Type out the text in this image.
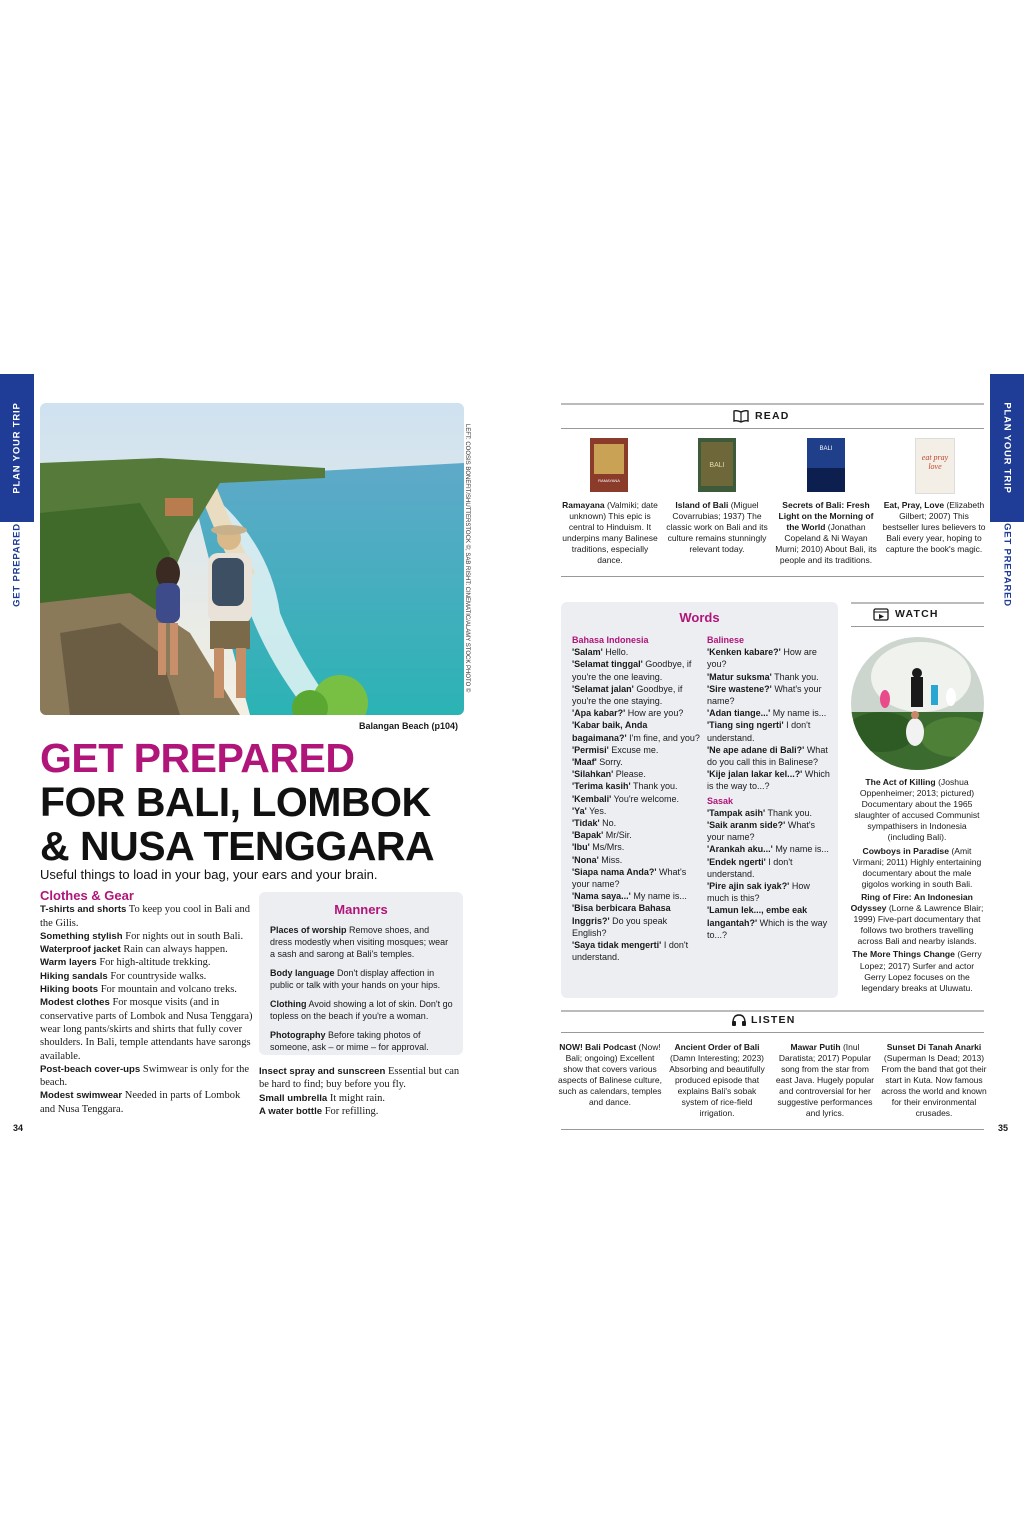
PLAN YOUR TRIP
GET PREPARED
PLAN YOUR TRIP
GET PREPARED
LEFT: COOSIS BONEFIT/SHUTTERSTOCK ©; SAB RISHT: CINEMATIC/ALAMY STOCK PHOTO ©
Balangan Beach (p104)
GET PREPARED
FOR BALI, LOMBOK
& NUSA TENGGARA
Useful things to load in your bag, your ears and your brain.
Clothes & Gear
T-shirts and shorts To keep you cool in Bali and the Gilis.
Something stylish For nights out in south Bali.
Waterproof jacket Rain can always happen.
Warm layers For high-altitude trekking.
Hiking sandals For countryside walks.
Hiking boots For mountain and volcano treks.
Modest clothes For mosque visits (and in conservative parts of Lombok and Nusa Tenggara) wear long pants/skirts and shirts that fully cover shoulders. In Bali, temple attendants have sarongs available.
Post-beach cover-ups Swimwear is only for the beach.
Modest swimwear Needed in parts of Lombok and Nusa Tenggara.
Manners
Places of worship Remove shoes, and dress modestly when visiting mosques; wear a sash and sarong at Bali's temples.
Body language Don't display affection in public or talk with your hands on your hips.
Clothing Avoid showing a lot of skin. Don't go topless on the beach if you're a woman.
Photography Before taking photos of someone, ask – or mime – for approval.
Insect spray and sunscreen Essential but can be hard to find; buy before you fly.
Small umbrella It might rain.
A water bottle For refilling.
34	35
READ
RAMAYANA
BALI
BALI
eat pray love
Ramayana (Valmiki; date unknown) This epic is central to Hinduism. It underpins many Balinese traditions, especially dance.
Island of Bali (Miguel Covarrubias; 1937) The classic work on Bali and its culture remains stunningly relevant today.
Secrets of Bali: Fresh Light on the Morning of the World (Jonathan Copeland & Ni Wayan Murni; 2010) About Bali, its people and its traditions.
Eat, Pray, Love (Elizabeth Gilbert; 2007) This bestseller lures believers to Bali every year, hoping to capture the book's magic.
Words
Bahasa Indonesia
'Salam' Hello.
'Selamat tinggal' Goodbye, if you're the one leaving.
'Selamat jalan' Goodbye, if you're the one staying.
'Apa kabar?' How are you?
'Kabar baik, Anda bagaimana?' I'm fine, and you?
'Permisi' Excuse me.
'Maaf' Sorry.
'Silahkan' Please.
'Terima kasih' Thank you.
'Kembali' You're welcome.
'Ya' Yes.
'Tidak' No.
'Bapak' Mr/Sir.
'Ibu' Ms/Mrs.
'Nona' Miss.
'Siapa nama Anda?' What's your name?
'Nama saya...' My name is...
'Bisa berbicara Bahasa Inggris?' Do you speak English?
'Saya tidak mengerti' I don't understand.
Balinese
'Kenken kabare?' How are you?
'Matur suksma' Thank you.
'Sire wastene?' What's your name?
'Adan tiange...' My name is...
'Tiang sing ngerti' I don't understand.
'Ne ape adane di Bali?' What do you call this in Balinese?
'Kije jalan lakar kel...?' Which is the way to...?
Sasak
'Tampak asih' Thank you.
'Saik aranm side?' What's your name?
'Arankah aku...' My name is...
'Endek ngerti' I don't understand.
'Pire ajin sak iyak?' How much is this?
'Lamun lek..., embe eak langantah?' Which is the way to...?
WATCH
The Act of Killing (Joshua Oppenheimer; 2013; pictured) Documentary about the 1965 slaughter of accused Communist sympathisers in Indonesia (including Bali).
Cowboys in Paradise (Amit Virmani; 2011) Highly entertaining documentary about the male gigolos working in south Bali.
Ring of Fire: An Indonesian Odyssey (Lorne & Lawrence Blair; 1999) Five-part documentary that follows two brothers travelling across Bali and nearby islands.
The More Things Change (Gerry Lopez; 2017) Surfer and actor Gerry Lopez focuses on the legendary breaks at Uluwatu.
LISTEN
NOW! Bali Podcast (Now! Bali; ongoing) Excellent show that covers various aspects of Balinese culture, such as calendars, temples and dance.
Ancient Order of Bali (Damn Interesting; 2023) Absorbing and beautifully produced episode that explains Bali's sobak system of rice-field irrigation.
Mawar Putih (Inul Daratista; 2017) Popular song from the star from east Java. Hugely popular and controversial for her suggestive performances and lyrics.
Sunset Di Tanah Anarki (Superman Is Dead; 2013) From the band that got their start in Kuta. Now famous across the world and known for their environmental crusades.
